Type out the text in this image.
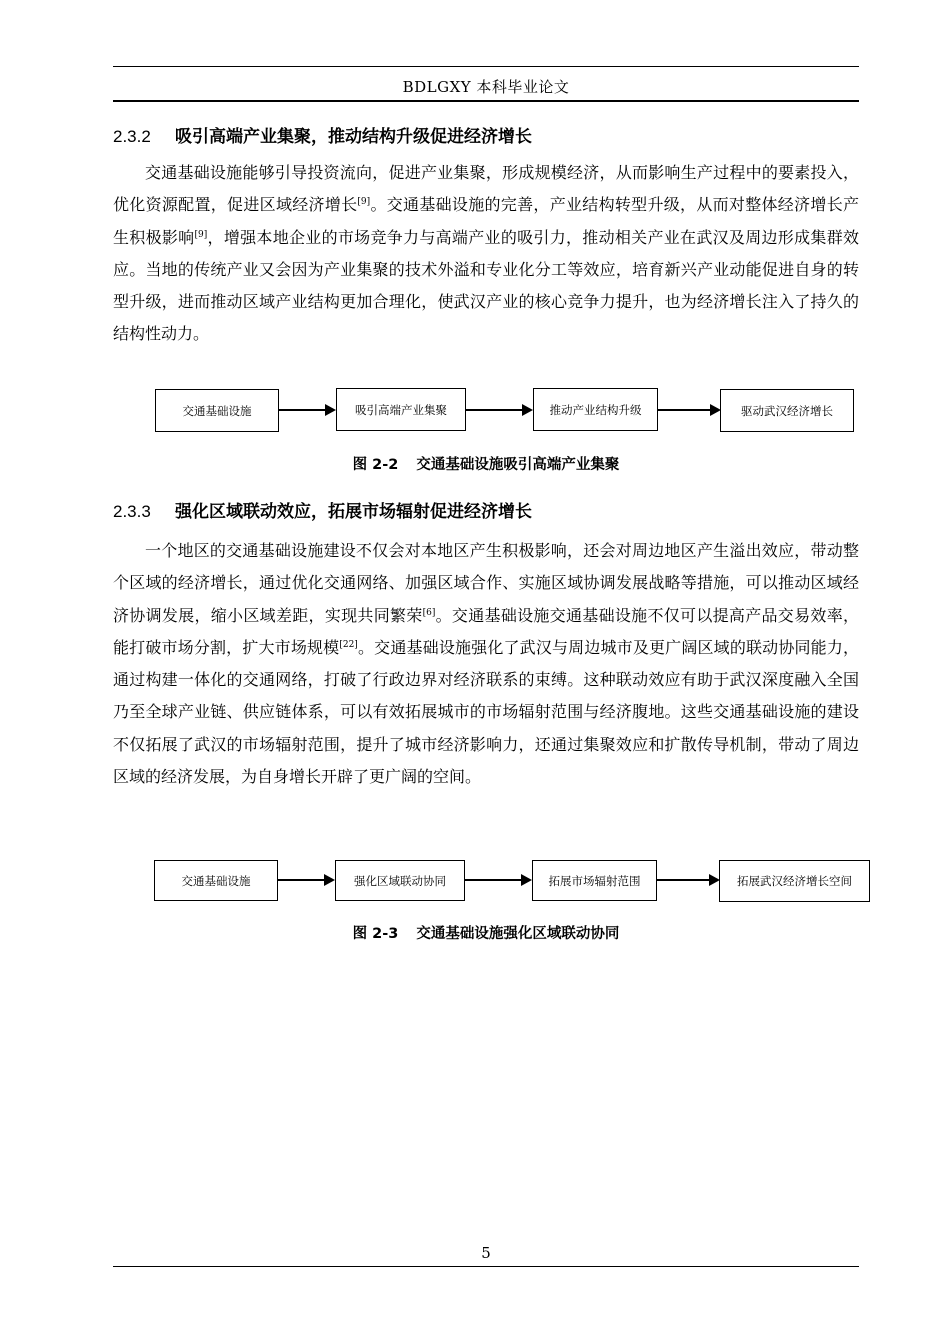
BDLGXY 本科毕业论文
2.3.2 吸引高端产业集聚，推动结构升级促进经济增长
交通基础设施能够引导投资流向，促进产业集聚，形成规模经济，从而影响生产过程中的要素投入，优化资源配置，促进区域经济增长[9]。交通基础设施的完善，产业结构转型升级，从而对整体经济增长产生积极影响[9]，增强本地企业的市场竞争力与高端产业的吸引力，推动相关产业在武汉及周边形成集群效应。当地的传统产业又会因为产业集聚的技术外溢和专业化分工等效应，培育新兴产业动能促进自身的转型升级，进而推动区域产业结构更加合理化，使武汉产业的核心竞争力提升，也为经济增长注入了持久的结构性动力。
交通基础设施	吸引高端产业集聚	推动产业结构升级	驱动武汉经济增长
图 2-2 交通基础设施吸引高端产业集聚
2.3.3 强化区域联动效应，拓展市场辐射促进经济增长
一个地区的交通基础设施建设不仅会对本地区产生积极影响，还会对周边地区产生溢出效应，带动整个区域的经济增长，通过优化交通网络、加强区域合作、实施区域协调发展战略等措施，可以推动区域经济协调发展，缩小区域差距，实现共同繁荣[6]。交通基础设施交通基础设施不仅可以提高产品交易效率，能打破市场分割，扩大市场规模[22]。交通基础设施强化了武汉与周边城市及更广阔区域的联动协同能力，通过构建一体化的交通网络，打破了行政边界对经济联系的束缚。这种联动效应有助于武汉深度融入全国乃至全球产业链、供应链体系，可以有效拓展城市的市场辐射范围与经济腹地。这些交通基础设施的建设不仅拓展了武汉的市场辐射范围，提升了城市经济影响力，还通过集聚效应和扩散传导机制，带动了周边区域的经济发展，为自身增长开辟了更广阔的空间。
交通基础设施	强化区域联动协同	拓展市场辐射范围	拓展武汉经济增长空间
图 2-3 交通基础设施强化区域联动协同
5
